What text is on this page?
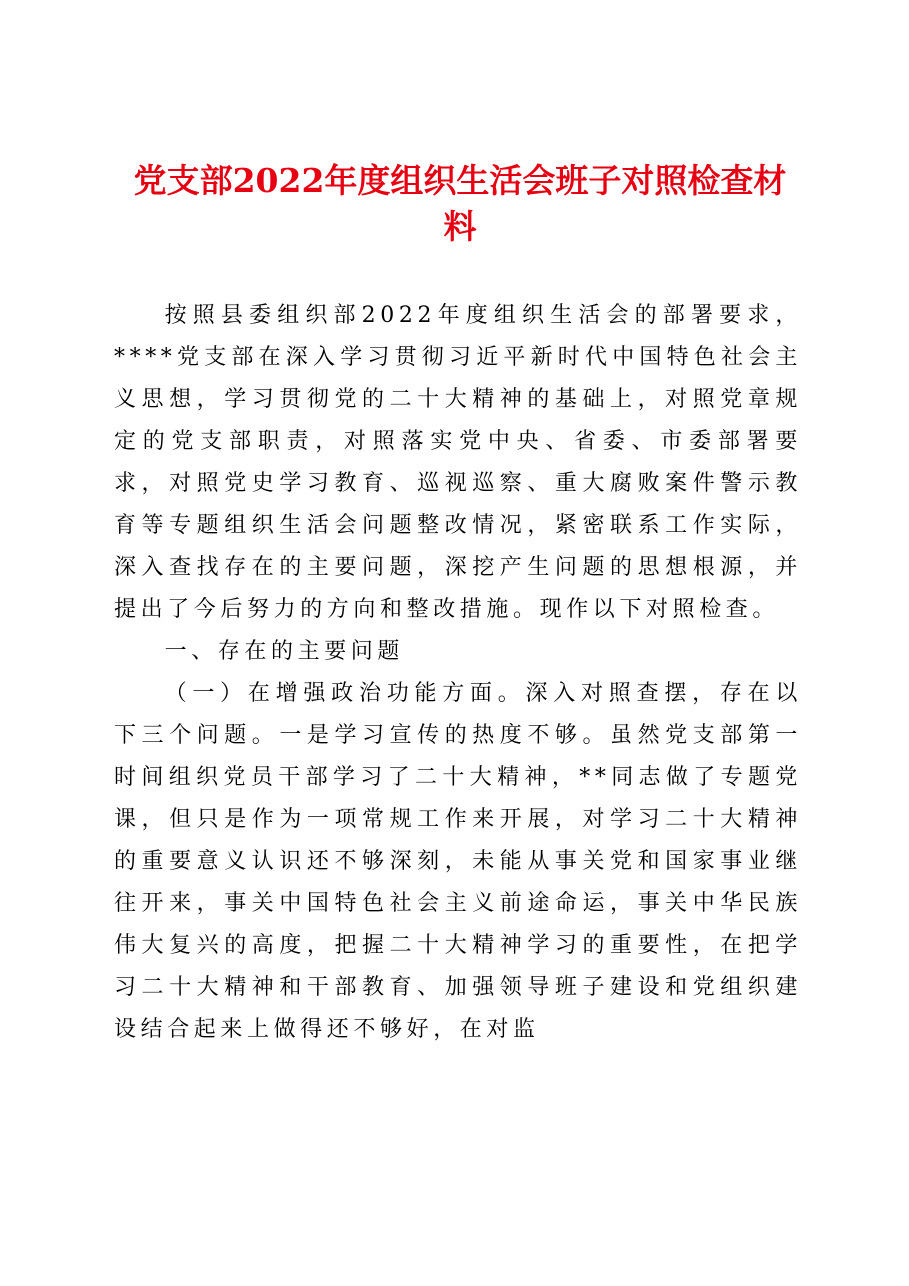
党支部2022年度组织生活会班子对照检查材料

按照县委组织部2022年度组织生活会的部署要求，****党支部在深入学习贯彻习近平新时代中国特色社会主义思想，学习贯彻党的二十大精神的基础上，对照党章规定的党支部职责，对照落实党中央、省委、市委部署要求，对照党史学习教育、巡视巡察、重大腐败案件警示教育等专题组织生活会问题整改情况，紧密联系工作实际，深入查找存在的主要问题，深挖产生问题的思想根源，并提出了今后努力的方向和整改措施。现作以下对照检查。

一、存在的主要问题

（一）在增强政治功能方面。深入对照查摆，存在以下三个问题。一是学习宣传的热度不够。虽然党支部第一时间组织党员干部学习了二十大精神，**同志做了专题党课，但只是作为一项常规工作来开展，对学习二十大精神的重要意义认识还不够深刻，未能从事关党和国家事业继往开来，事关中国特色社会主义前途命运，事关中华民族伟大复兴的高度，把握二十大精神学习的重要性，在把学习二十大精神和干部教育、加强领导班子建设和党组织建设结合起来上做得还不够好，在对监
